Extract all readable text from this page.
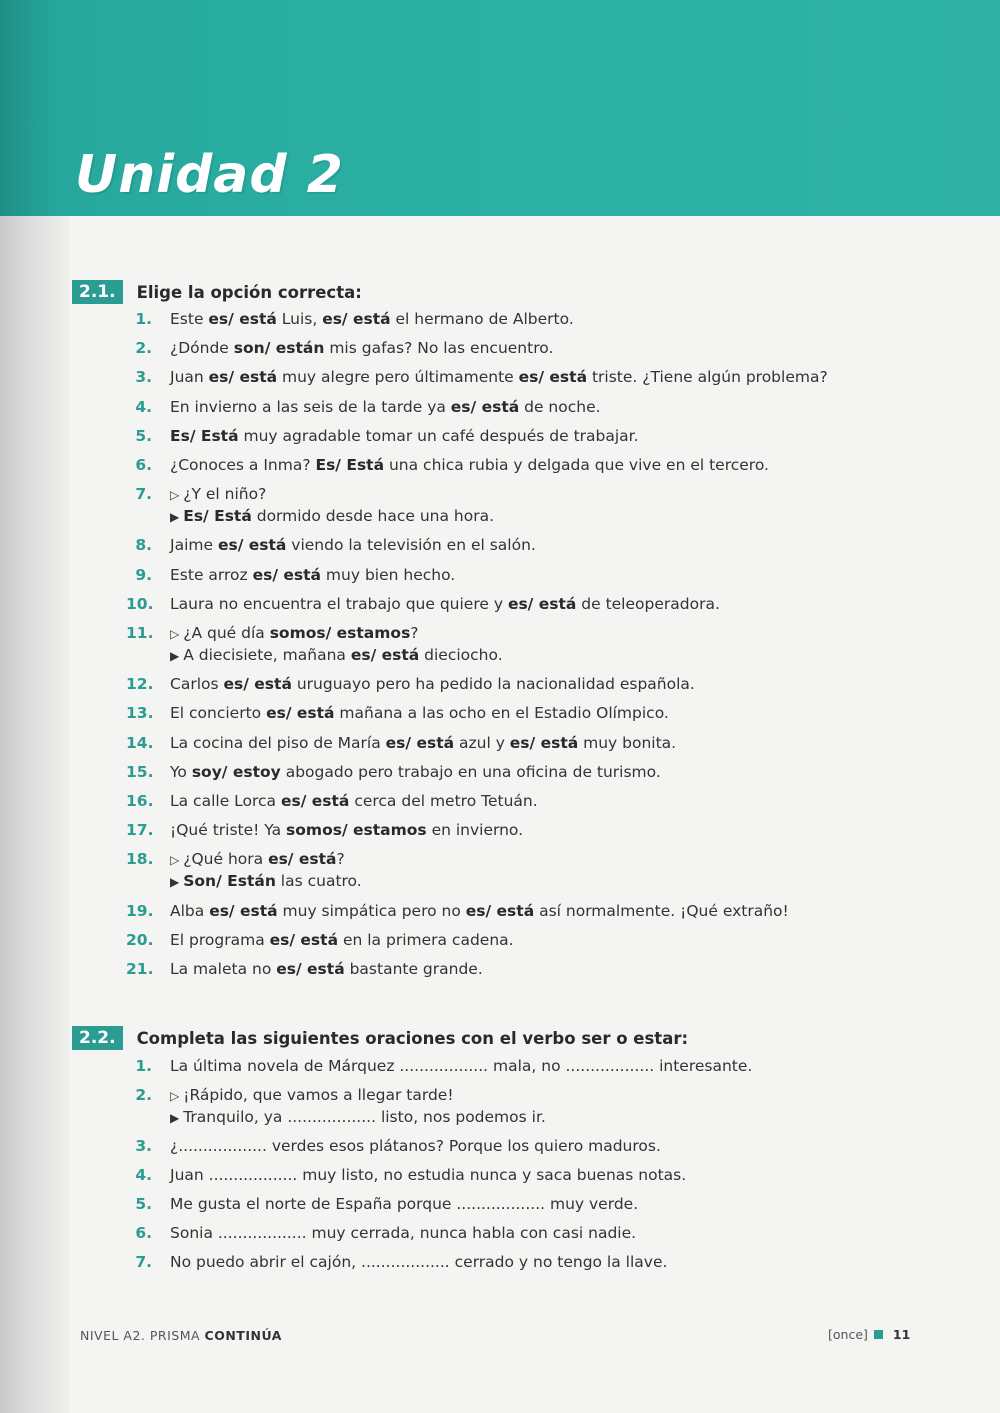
Unidad 2
2.1.	Elige la opción correcta:
1. Este es/ está Luis, es/ está el hermano de Alberto.
2. ¿Dónde son/ están mis gafas? No las encuentro.
3. Juan es/ está muy alegre pero últimamente es/ está triste. ¿Tiene algún problema?
4. En invierno a las seis de la tarde ya es/ está de noche.
5. Es/ Está muy agradable tomar un café después de trabajar.
6. ¿Conoces a Inma? Es/ Está una chica rubia y delgada que vive en el tercero.
7. ▷ ¿Y el niño?
▶ Es/ Está dormido desde hace una hora.
8. Jaime es/ está viendo la televisión en el salón.
9. Este arroz es/ está muy bien hecho.
10. Laura no encuentra el trabajo que quiere y es/ está de teleoperadora.
11. ▷ ¿A qué día somos/ estamos?
▶ A diecisiete, mañana es/ está dieciocho.
12. Carlos es/ está uruguayo pero ha pedido la nacionalidad española.
13. El concierto es/ está mañana a las ocho en el Estadio Olímpico.
14. La cocina del piso de María es/ está azul y es/ está muy bonita.
15. Yo soy/ estoy abogado pero trabajo en una oficina de turismo.
16. La calle Lorca es/ está cerca del metro Tetuán.
17. ¡Qué triste! Ya somos/ estamos en invierno.
18. ▷ ¿Qué hora es/ está?
▶ Son/ Están las cuatro.
19. Alba es/ está muy simpática pero no es/ está así normalmente. ¡Qué extraño!
20. El programa es/ está en la primera cadena.
21. La maleta no es/ está bastante grande.
2.2.	Completa las siguientes oraciones con el verbo ser o estar:
1. La última novela de Márquez .................. mala, no .................. interesante.
2. ▷ ¡Rápido, que vamos a llegar tarde!
▶ Tranquilo, ya .................. listo, nos podemos ir.
3. ¿.................. verdes esos plátanos? Porque los quiero maduros.
4. Juan .................. muy listo, no estudia nunca y saca buenas notas.
5. Me gusta el norte de España porque .................. muy verde.
6. Sonia .................. muy cerrada, nunca habla con casi nadie.
7. No puedo abrir el cajón, .................. cerrado y no tengo la llave.
NIVEL A2. PRISMA CONTINÚA	[once] 11
